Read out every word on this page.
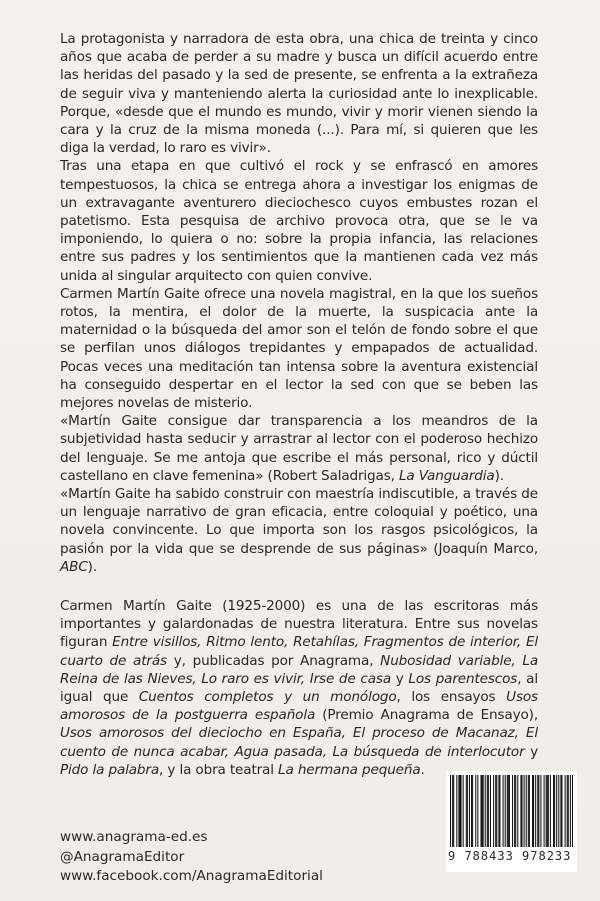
La protagonista y narradora de esta obra, una chica de treinta y cinco años que acaba de perder a su madre y busca un difícil acuerdo entre las heridas del pasado y la sed de presente, se enfrenta a la extrañeza de seguir viva y manteniendo alerta la curiosidad ante lo inexplicable. Porque, «desde que el mundo es mundo, vivir y morir vienen siendo la cara y la cruz de la misma moneda (...). Para mí, si quieren que les diga la verdad, lo raro es vivir».

Tras una etapa en que cultivó el rock y se enfrascó en amores tempestuosos, la chica se entrega ahora a investigar los enigmas de un extravagante aventurero dieciochesco cuyos embustes rozan el patetismo. Esta pesquisa de archivo provoca otra, que se le va imponiendo, lo quiera o no: sobre la propia infancia, las relaciones entre sus padres y los sentimientos que la mantienen cada vez más unida al singular arquitecto con quien convive.

Carmen Martín Gaite ofrece una novela magistral, en la que los sueños rotos, la mentira, el dolor de la muerte, la suspicacia ante la maternidad o la búsqueda del amor son el telón de fondo sobre el que se perfilan unos diálogos trepidantes y empapados de actualidad. Pocas veces una meditación tan intensa sobre la aventura existencial ha conseguido despertar en el lector la sed con que se beben las mejores novelas de misterio.

«Martín Gaite consigue dar transparencia a los meandros de la subjetividad hasta seducir y arrastrar al lector con el poderoso hechizo del lenguaje. Se me antoja que escribe el más personal, rico y dúctil castellano en clave femenina» (Robert Saladrigas, La Vanguardia).

«Martín Gaite ha sabido construir con maestría indiscutible, a través de un lenguaje narrativo de gran eficacia, entre coloquial y poético, una novela convincente. Lo que importa son los rasgos psicológicos, la pasión por la vida que se desprende de sus páginas» (Joaquín Marco, ABC).

Carmen Martín Gaite (1925-2000) es una de las escritoras más importantes y galardonadas de nuestra literatura. Entre sus novelas figuran Entre visillos, Ritmo lento, Retahílas, Fragmentos de interior, El cuarto de atrás y, publicadas por Anagrama, Nubosidad variable, La Reina de las Nieves, Lo raro es vivir, Irse de casa y Los parentescos, al igual que Cuentos completos y un monólogo, los ensayos Usos amorosos de la postguerra española (Premio Anagrama de Ensayo), Usos amorosos del dieciocho en España, El proceso de Macanaz, El cuento de nunca acabar, Agua pasada, La búsqueda de interlocutor y Pido la palabra, y la obra teatral La hermana pequeña.

www.anagrama-ed.es
@AnagramaEditor
www.facebook.com/AnagramaEditorial
9 788433 978233
